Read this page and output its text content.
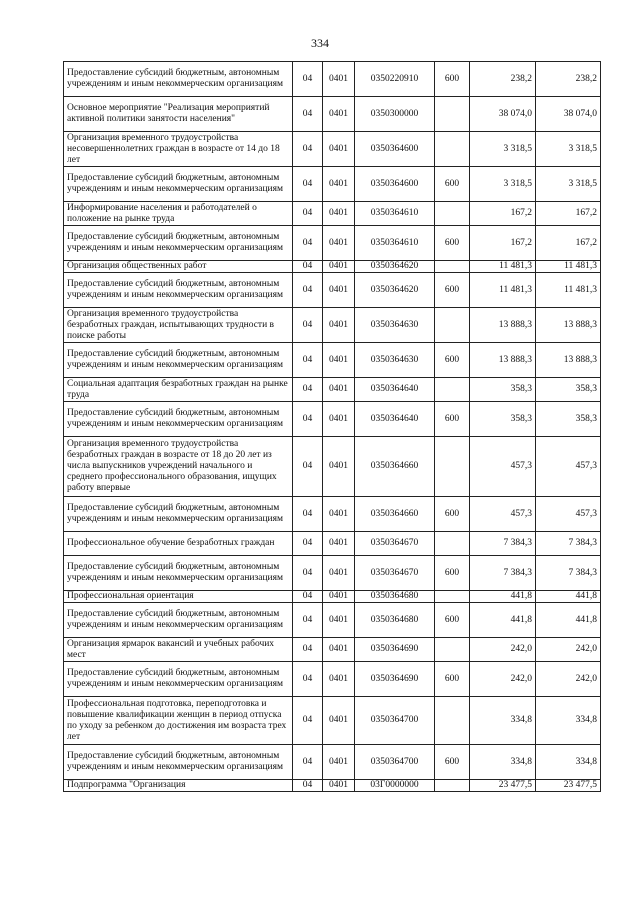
334
Предоставление субсидий бюджетным, автономным учреждениям и иным некоммерческим организациям	04	0401	0350220910	600	238,2	238,2
Основное мероприятие "Реализация мероприятий активной политики занятости населения"	04	0401	0350300000		38 074,0	38 074,0
Организация временного трудоустройства несовершеннолетних граждан в возрасте от 14 до 18 лет	04	0401	0350364600		3 318,5	3 318,5
Предоставление субсидий бюджетным, автономным учреждениям и иным некоммерческим организациям	04	0401	0350364600	600	3 318,5	3 318,5
Информирование населения и работодателей о положение на рынке труда	04	0401	0350364610		167,2	167,2
Предоставление субсидий бюджетным, автономным учреждениям и иным некоммерческим организациям	04	0401	0350364610	600	167,2	167,2
Организация общественных работ	04	0401	0350364620		11 481,3	11 481,3
Предоставление субсидий бюджетным, автономным учреждениям и иным некоммерческим организациям	04	0401	0350364620	600	11 481,3	11 481,3
Организация временного трудоустройства безработных граждан, испытывающих трудности в поиске работы	04	0401	0350364630		13 888,3	13 888,3
Предоставление субсидий бюджетным, автономным учреждениям и иным некоммерческим организациям	04	0401	0350364630	600	13 888,3	13 888,3
Социальная адаптация безработных граждан на рынке труда	04	0401	0350364640		358,3	358,3
Предоставление субсидий бюджетным, автономным учреждениям и иным некоммерческим организациям	04	0401	0350364640	600	358,3	358,3
Организация временного трудоустройства безработных граждан в возрасте от 18 до 20 лет из числа выпускников учреждений начального и среднего профессионального образования, ищущих работу впервые	04	0401	0350364660		457,3	457,3
Предоставление субсидий бюджетным, автономным учреждениям и иным некоммерческим организациям	04	0401	0350364660	600	457,3	457,3
Профессиональное обучение безработных граждан	04	0401	0350364670		7 384,3	7 384,3
Предоставление субсидий бюджетным, автономным учреждениям и иным некоммерческим организациям	04	0401	0350364670	600	7 384,3	7 384,3
Профессиональная ориентация	04	0401	0350364680		441,8	441,8
Предоставление субсидий бюджетным, автономным учреждениям и иным некоммерческим организациям	04	0401	0350364680	600	441,8	441,8
Организация ярмарок вакансий и учебных рабочих мест	04	0401	0350364690		242,0	242,0
Предоставление субсидий бюджетным, автономным учреждениям и иным некоммерческим организациям	04	0401	0350364690	600	242,0	242,0
Профессиональная подготовка, переподготовка и повышение квалификации женщин в период отпуска по уходу за ребенком до достижения им возраста трех лет	04	0401	0350364700		334,8	334,8
Предоставление субсидий бюджетным, автономным учреждениям и иным некоммерческим организациям	04	0401	0350364700	600	334,8	334,8
Подпрограмма "Организация	04	0401	03Г0000000		23 477,5	23 477,5
